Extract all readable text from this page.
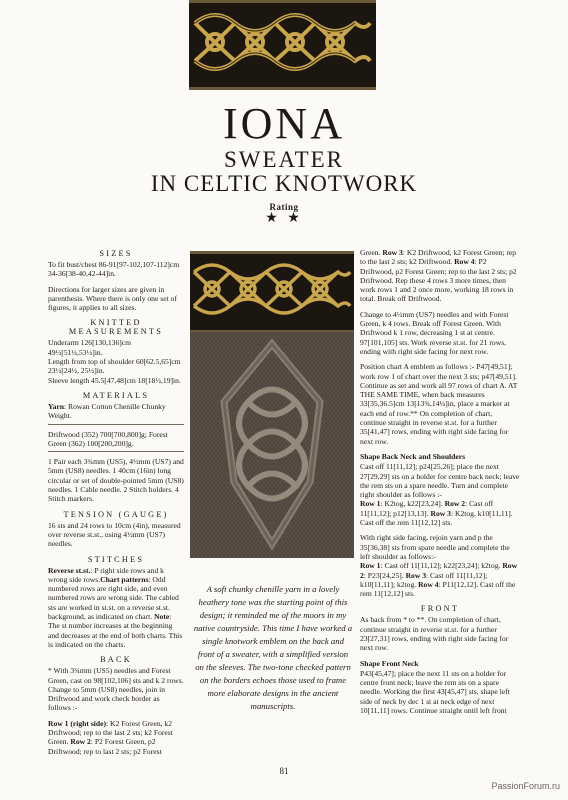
IONA
SWEATER
IN CELTIC KNOTWORK
Rating
★ ★
SIZES

To fit bust/chest 86-91[97-102,107-112]cm 34-36[38-40,42-44]in.

Directions for larger sizes are given in parenthesis. Where there is only one set of figures, it applies to all sizes.

KNITTED
MEASUREMENTS
Underarm 126[130,136]cm 49½[51¼,53½]in.
Length from top of shoulder 60[62.5,65]cm 23½[24½, 25½]in.

Sleeve length 45.5[47,48]cm 18[18½,19]in.

MATERIALS
Yarn: Rowan Cotton Chenille Chunky Weight.
Driftwood (352) 700[700,800]g; Forest Green (362) 100[200,200]g.

1 Pair each 3¾mm (US5), 4½mm (US7) and 5mm (US8) needles. 1 40cm (16in) long circular or set of double-pointed 5mm (US8) needles. 1 Cable needle. 2 Stitch holders. 4 Stitch markers.

TENSION (GAUGE)

16 sts and 24 rows to 10cm (4in), measured over reverse st.st., using 4½mm (US7) needles.

STITCHES

Reverse st.st.: P right side rows and k wrong side rows.Chart patterns: Odd numbered rows are right side, and even numbered rows are wrong side. The cabled sts are worked in st.st. on a reverse st.st. background, as indicated on chart. Note: The st number increases at the beginning and decreases at the end of both charts. This is indicated on the charts.

BACK

* With 3¾mm (US5) needles and Forest Green, cast on 98[102,106] sts and k 2 rows. Change to 5mm (US8) needles, join in Driftwood and work check border as follows :-

Row 1 (right side): K2 Forest Green, k2 Driftwood; rep to the last 2 sts; k2 Forest Green. Row 2: P2 Forest Green, p2 Driftwood; rep to last 2 sts; p2 Forest

A soft chunky chenille yarn in a lovely heathery tone was the starting point of this design; it reminded me of the moors in my native countryside. This time I have worked a single knotwork emblem on the back and front of a sweater, with a simplified version on the sleeves. The two-tone checked pattern on the borders echoes those used to frame more elaborate designs in the ancient manuscripts.

Green. Row 3: K2 Driftwood, k2 Forest Green; rep to the last 2 sts; k2 Driftwood. Row 4: P2 Driftwood, p2 Forest Green; rep to the last 2 sts; p2 Driftwood. Rep these 4 rows 3 more times, then work rows 1 and 2 once more, working 18 rows in total. Break off Driftwood.

Change to 4½mm (US7) needles and with Forest Green, k 4 rows. Break off Forest Green. With Driftwood k 1 row, decreasing 1 st at centre. 97[101,105] sts. Work reverse st.st. for 21 rows, ending with right side facing for next row.

Position chart A emblem as follows :- P47[49,51]; work row 1 of chart over the next 3 sts; p47[49,51]. Continue as set and work all 97 rows of chart A. AT THE SAME TIME, when back measures 33[35,36.5]cm 13[13¾,14¼]in, place a marker at each end of row.** On completion of chart, continue straight in reverse st.st. for a further 35[41,47] rows, ending with right side facing for next row.

Shape Back Neck and Shoulders

Cast off 11[11,12]; p24[25,26]; place the next 27[29,29] sts on a holder for centre back neck; leave the rem sts on a spare needle. Turn and complete right shoulder as follows :-
Row 1: K2tog, k22[23,24]. Row 2: Cast off 11[11,12]; p12[13,13]. Row 3: K2tog, k10[11,11]. Cast off the rem 11[12,12] sts.

With right side facing, rejoin yarn and p the 35[36,38] sts from spare needle and complete the left shoulder as follows:-
Row 1: Cast off 11[11,12]; k22[23,24]; k2tog. Row 2: P23[24,25]. Row 3: Cast off 11[11,12]; k10[11,11]; k2tog. Row 4: P11[12,12]. Cast off the rem 11[12,12] sts.

FRONT

As back from * to **. On completion of chart, continue straight in reverse st.st. for a further 23[27,31] rows, ending with right side facing for next row.

Shape Front Neck

P43[45,47]; place the next 11 sts on a holder for centre front neck; leave the rem sts on a spare needle. Working the first 43[45,47] sts, shape left side of neck by dec 1 st at neck edge of next 10[11,11] rows. Continue straight until left front

81
PassionForum.ru
